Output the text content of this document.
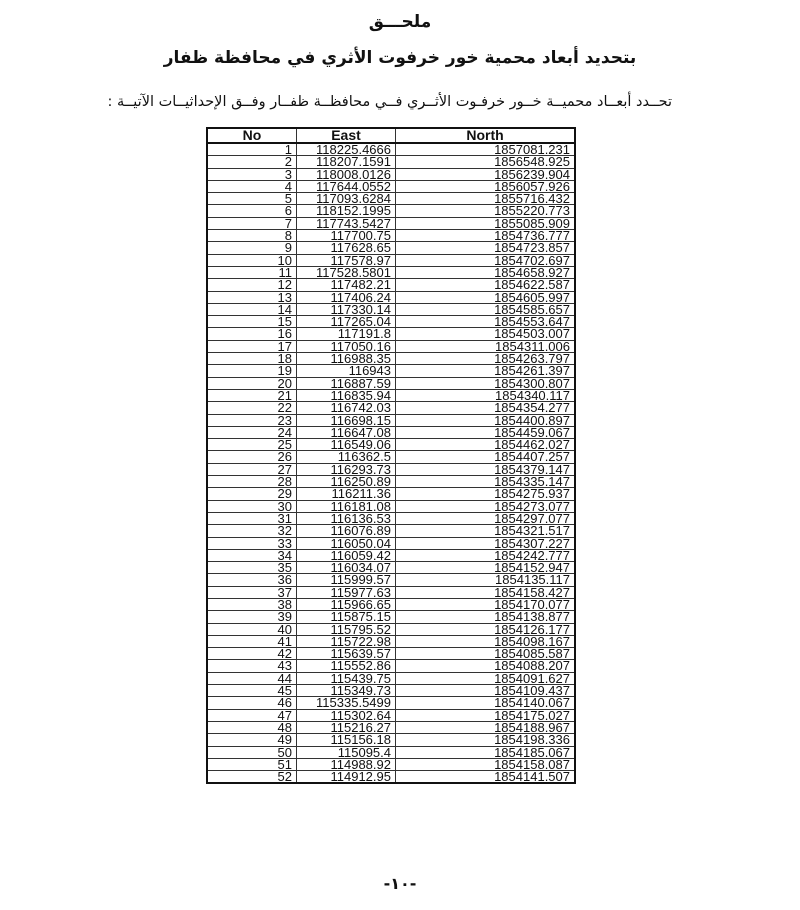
ملحـــق
بتحديد أبعاد محمية خور خرفوت الأثري في محافظة ظفار
تحــدد أبعــاد محميــة خــور خرفـوت الأثــري فــي محافظــة ظفــار وفــق الإحداثيــات الآتيــة :
No	East	North
1	118225.4666	1857081.231
2	118207.1591	1856548.925
3	118008.0126	1856239.904
4	117644.0552	1856057.926
5	117093.6284	1855716.432
6	118152.1995	1855220.773
7	117743.5427	1855085.909
8	117700.75	1854736.777
9	117628.65	1854723.857
10	117578.97	1854702.697
11	117528.5801	1854658.927
12	117482.21	1854622.587
13	117406.24	1854605.997
14	117330.14	1854585.657
15	117265.04	1854553.647
16	117191.8	1854503.007
17	117050.16	1854311.006
18	116988.35	1854263.797
19	116943	1854261.397
20	116887.59	1854300.807
21	116835.94	1854340.117
22	116742.03	1854354.277
23	116698.15	1854400.897
24	116647.08	1854459.067
25	116549.06	1854462.027
26	116362.5	1854407.257
27	116293.73	1854379.147
28	116250.89	1854335.147
29	116211.36	1854275.937
30	116181.08	1854273.077
31	116136.53	1854297.077
32	116076.89	1854321.517
33	116050.04	1854307.227
34	116059.42	1854242.777
35	116034.07	1854152.947
36	115999.57	1854135.117
37	115977.63	1854158.427
38	115966.65	1854170.077
39	115875.15	1854138.877
40	115795.52	1854126.177
41	115722.98	1854098.167
42	115639.57	1854085.587
43	115552.86	1854088.207
44	115439.75	1854091.627
45	115349.73	1854109.437
46	115335.5499	1854140.067
47	115302.64	1854175.027
48	115216.27	1854188.967
49	115156.18	1854198.336
50	115095.4	1854185.067
51	114988.92	1854158.087
52	114912.95	1854141.507
-١٠-
